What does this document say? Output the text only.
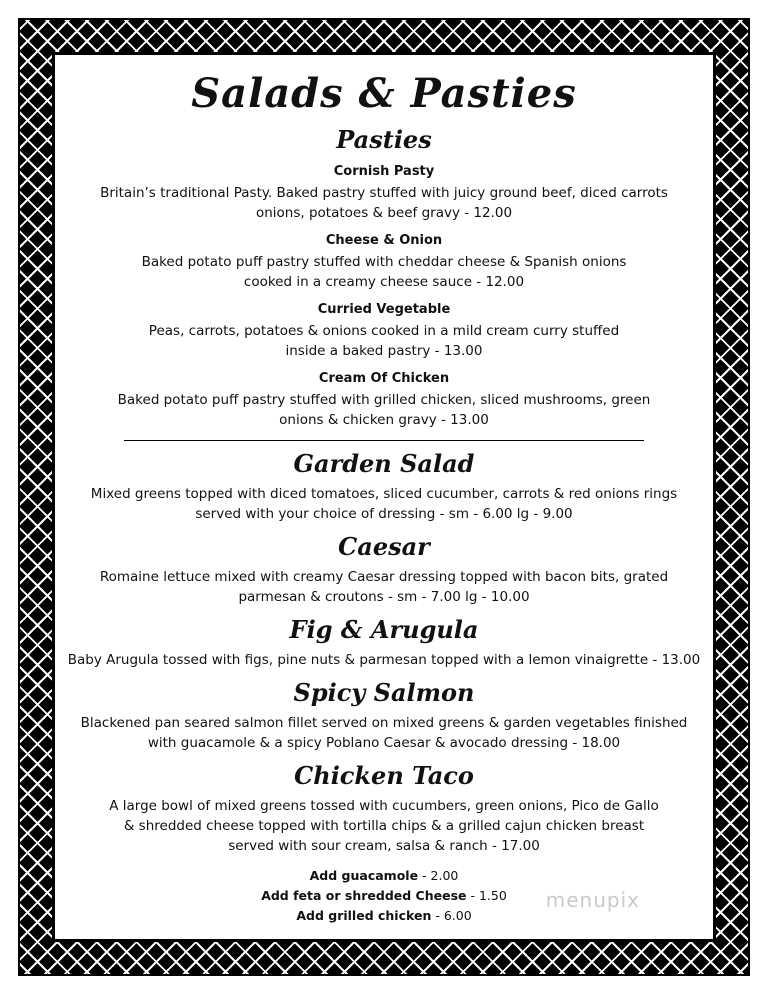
Salads & Pasties
Pasties
Cornish Pasty

Britain’s traditional Pasty. Baked pastry stuffed with juicy ground beef, diced carrots

onions, potatoes & beef gravy - 12.00

Cheese & Onion

Baked potato puff pastry stuffed with cheddar cheese & Spanish onions

cooked in a creamy cheese sauce - 12.00

Curried Vegetable

Peas, carrots, potatoes & onions cooked in a mild cream curry stuffed

inside a baked pastry - 13.00

Cream Of Chicken

Baked potato puff pastry stuffed with grilled chicken, sliced mushrooms, green

onions & chicken gravy - 13.00

Garden Salad

Mixed greens topped with diced tomatoes, sliced cucumber, carrots & red onions rings

served with your choice of dressing - sm - 6.00 lg - 9.00

Caesar

Romaine lettuce mixed with creamy Caesar dressing topped with bacon bits, grated

parmesan & croutons - sm - 7.00 lg - 10.00

Fig & Arugula

Baby Arugula tossed with figs, pine nuts & parmesan topped with a lemon vinaigrette - 13.00

Spicy Salmon

Blackened pan seared salmon fillet served on mixed greens & garden vegetables finished

with guacamole & a spicy Poblano Caesar & avocado dressing - 18.00

Chicken Taco

A large bowl of mixed greens tossed with cucumbers, green onions, Pico de Gallo

& shredded cheese topped with tortilla chips & a grilled cajun chicken breast

served with sour cream, salsa & ranch - 17.00

Add guacamole - 2.00

Add feta or shredded Cheese - 1.50

Add grilled chicken - 6.00

menupix
